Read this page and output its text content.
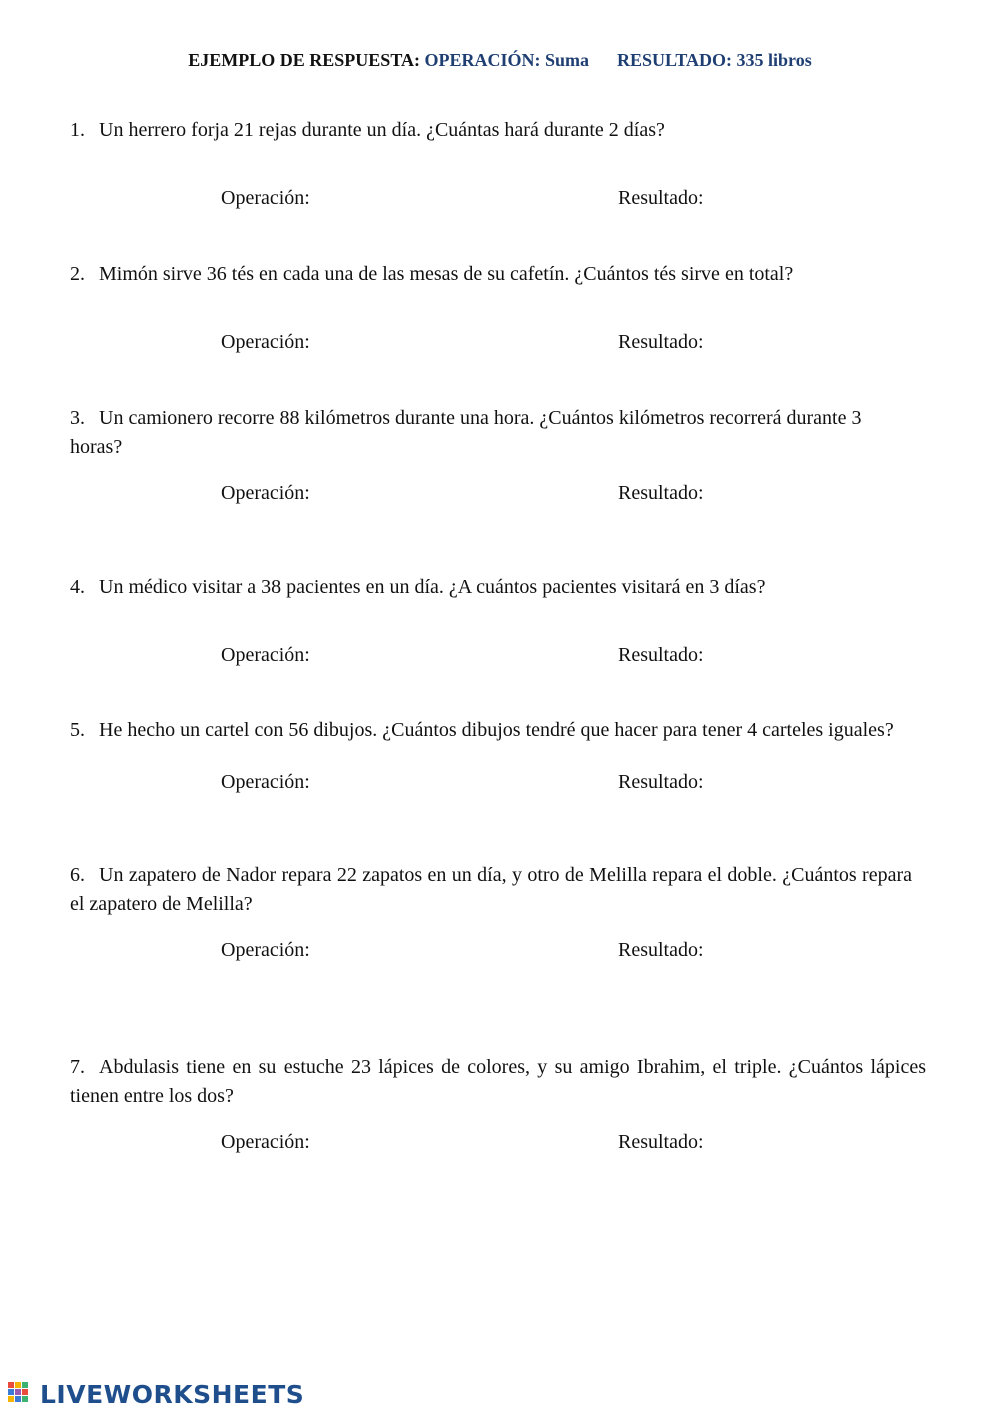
EJEMPLO DE RESPUESTA: OPERACIÓN: Suma RESULTADO: 335 libros
1. Un herrero forja 21 rejas durante un día. ¿Cuántas hará durante 2 días?
Operación:	Resultado:
2. Mimón sirve 36 tés en cada una de las mesas de su cafetín. ¿Cuántos tés sirve en total?
Operación:	Resultado:
3. Un camionero recorre 88 kilómetros durante una hora. ¿Cuántos kilómetros recorrerá durante 3 horas?
Operación:	Resultado:
4. Un médico visitar a 38 pacientes en un día. ¿A cuántos pacientes visitará en 3 días?
Operación:	Resultado:
5. He hecho un cartel con 56 dibujos. ¿Cuántos dibujos tendré que hacer para tener 4 carteles iguales?
Operación:	Resultado:
6. Un zapatero de Nador repara 22 zapatos en un día, y otro de Melilla repara el doble. ¿Cuántos repara el zapatero de Melilla?
Operación:	Resultado:
7. Abdulasis tiene en su estuche 23 lápices de colores, y su amigo Ibrahim, el triple. ¿Cuántos lápices tienen entre los dos?
Operación:	Resultado:
LIVEWORKSHEETS
